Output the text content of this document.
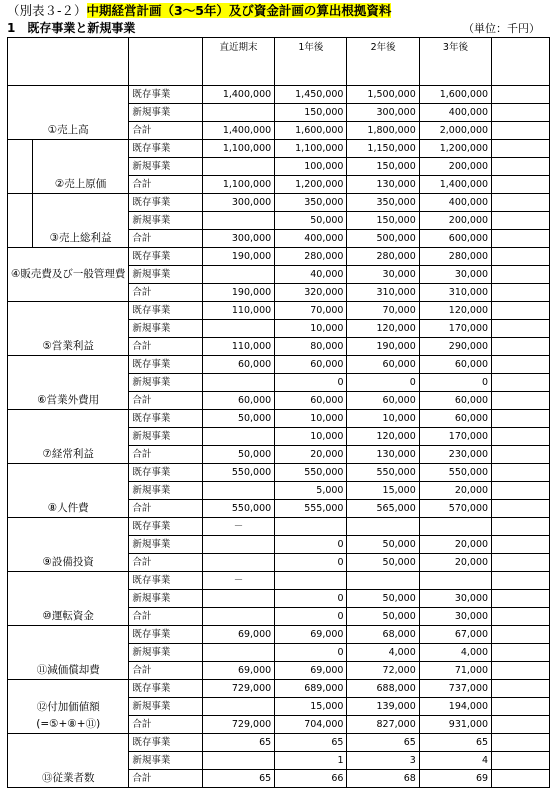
（別表３-２）中期経営計画（3～5年）及び資金計画の算出根拠資料
1　既存事業と新規事業	（単位：千円）
			直近期末	1年後	2年後	3年後	
①売上高		既存事業	1,400,000	1,450,000	1,500,000	1,600,000	
		新規事業		150,000	300,000	400,000	
		合計	1,400,000	1,600,000	1,800,000	2,000,000	
	②売上原価	既存事業	1,100,000	1,100,000	1,150,000	1,200,000	
		新規事業		100,000	150,000	200,000	
		合計	1,100,000	1,200,000	130,000	1,400,000	
	③売上総利益	既存事業	300,000	350,000	350,000	400,000	
		新規事業		50,000	150,000	200,000	
		合計	300,000	400,000	500,000	600,000	
④販売費及び一般管理費		既存事業	190,000	280,000	280,000	280,000	
		新規事業		40,000	30,000	30,000	
		合計	190,000	320,000	310,000	310,000	
⑤営業利益		既存事業	110,000	70,000	70,000	120,000	
		新規事業		10,000	120,000	170,000	
		合計	110,000	80,000	190,000	290,000	
⑥営業外費用		既存事業	60,000	60,000	60,000	60,000	
		新規事業		0	0	0	
		合計	60,000	60,000	60,000	60,000	
⑦経常利益		既存事業	50,000	10,000	10,000	60,000	
		新規事業		10,000	120,000	170,000	
		合計	50,000	20,000	130,000	230,000	
⑧人件費		既存事業	550,000	550,000	550,000	550,000	
		新規事業		5,000	15,000	20,000	
		合計	550,000	555,000	565,000	570,000	
⑨設備投資		既存事業	－				
		新規事業		0	50,000	20,000	
		合計		0	50,000	20,000	
⑩運転資金		既存事業	－				
		新規事業		0	50,000	30,000	
		合計		0	50,000	30,000	
⑪減価償却費		既存事業	69,000	69,000	68,000	67,000	
		新規事業		0	4,000	4,000	
		合計	69,000	69,000	72,000	71,000	

⑫付加価値額
(=⑤+⑧+⑪)		既存事業	729,000	689,000	688,000	737,000	
		新規事業		15,000	139,000	194,000	
		合計	729,000	704,000	827,000	931,000	
⑬従業者数		既存事業	65	65	65	65	
		新規事業		1	3	4	
		合計	65	66	68	69	
